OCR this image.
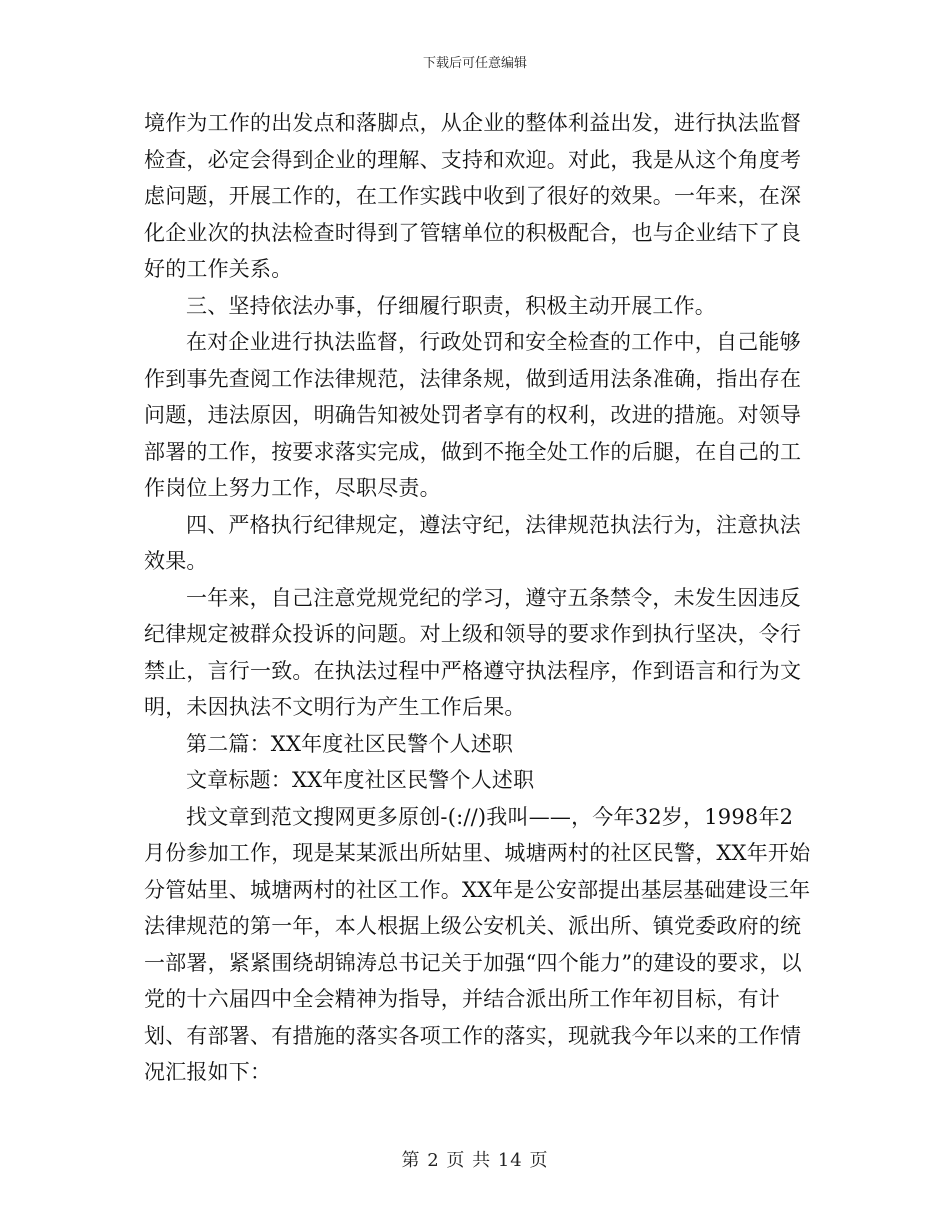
下载后可任意编辑

境作为工作的出发点和落脚点，从企业的整体利益出发，进行执法监督检查，必定会得到企业的理解、支持和欢迎。对此，我是从这个角度考虑问题，开展工作的，在工作实践中收到了很好的效果。一年来，在深化企业次的执法检查时得到了管辖单位的积极配合，也与企业结下了良好的工作关系。

三、坚持依法办事，仔细履行职责，积极主动开展工作。

在对企业进行执法监督，行政处罚和安全检查的工作中，自己能够作到事先查阅工作法律规范，法律条规，做到适用法条准确，指出存在问题，违法原因，明确告知被处罚者享有的权利，改进的措施。对领导部署的工作，按要求落实完成，做到不拖全处工作的后腿，在自己的工作岗位上努力工作，尽职尽责。

四、严格执行纪律规定，遵法守纪，法律规范执法行为，注意执法效果。

一年来，自己注意党规党纪的学习，遵守五条禁令，未发生因违反纪律规定被群众投诉的问题。对上级和领导的要求作到执行坚决，令行禁止，言行一致。在执法过程中严格遵守执法程序，作到语言和行为文明，未因执法不文明行为产生工作后果。

第二篇：XX年度社区民警个人述职

文章标题：XX年度社区民警个人述职

找文章到范文搜网更多原创-(://)我叫——，今年32岁，1998年2月份参加工作，现是某某派出所姑里、城塘两村的社区民警，XX年开始分管姑里、城塘两村的社区工作。XX年是公安部提出基层基础建设三年法律规范的第一年，本人根据上级公安机关、派出所、镇党委政府的统一部署，紧紧围绕胡锦涛总书记关于加强“四个能力”的建设的要求，以党的十六届四中全会精神为指导，并结合派出所工作年初目标，有计划、有部署、有措施的落实各项工作的落实，现就我今年以来的工作情况汇报如下：

第 2 页 共 14 页
